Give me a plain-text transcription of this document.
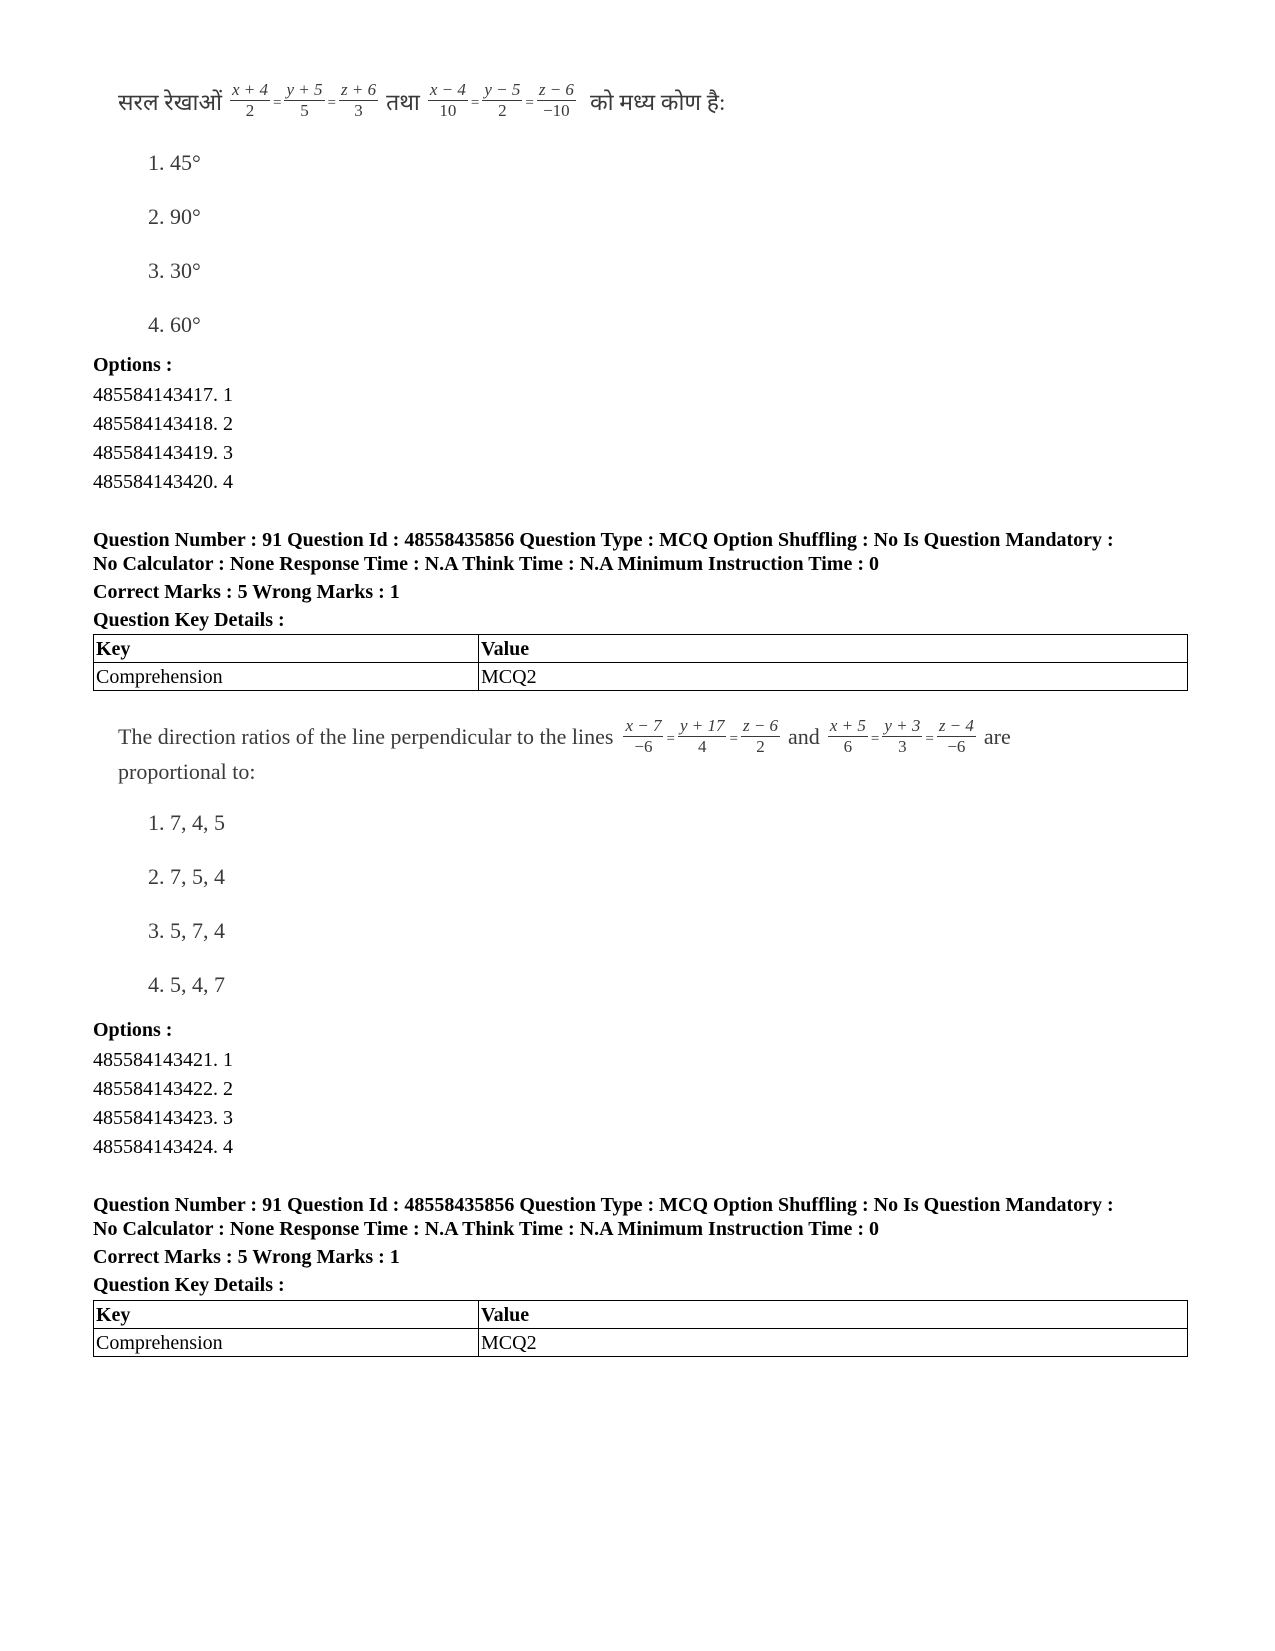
सरल रेखाओं $\frac{x + 4}{2} = \frac{y + 5}{5} = \frac{z + 6}{3}$ तथा $\frac{x - 4}{10} = \frac{y - 5}{2} = \frac{z - 6}{-10}$ को मध्य कोण है:
1. 45°
2. 90°
3. 30°
4. 60°
Options :
485584143417. 1
485584143418. 2
485584143419. 3
485584143420. 4
Question Number : 91 Question Id : 48558435856 Question Type : MCQ Option Shuffling : No Is Question Mandatory :
No Calculator : None Response Time : N.A Think Time : N.A Minimum Instruction Time : 0
Correct Marks : 5 Wrong Marks : 1
Question Key Details :
Key	Value
Comprehension	MCQ2
The direction ratios of the line perpendicular to the lines $\frac{x - 7}{-6} = \frac{y + 17}{4} = \frac{z - 6}{2}$ and $\frac{x + 5}{6} = \frac{y + 3}{3} = \frac{z - 4}{-6}$ are
proportional to:
1. 7, 4, 5
2. 7, 5, 4
3. 5, 7, 4
4. 5, 4, 7
Options :
485584143421. 1
485584143422. 2
485584143423. 3
485584143424. 4
Question Number : 91 Question Id : 48558435856 Question Type : MCQ Option Shuffling : No Is Question Mandatory :
No Calculator : None Response Time : N.A Think Time : N.A Minimum Instruction Time : 0
Correct Marks : 5 Wrong Marks : 1
Question Key Details :
Key	Value
Comprehension	MCQ2
